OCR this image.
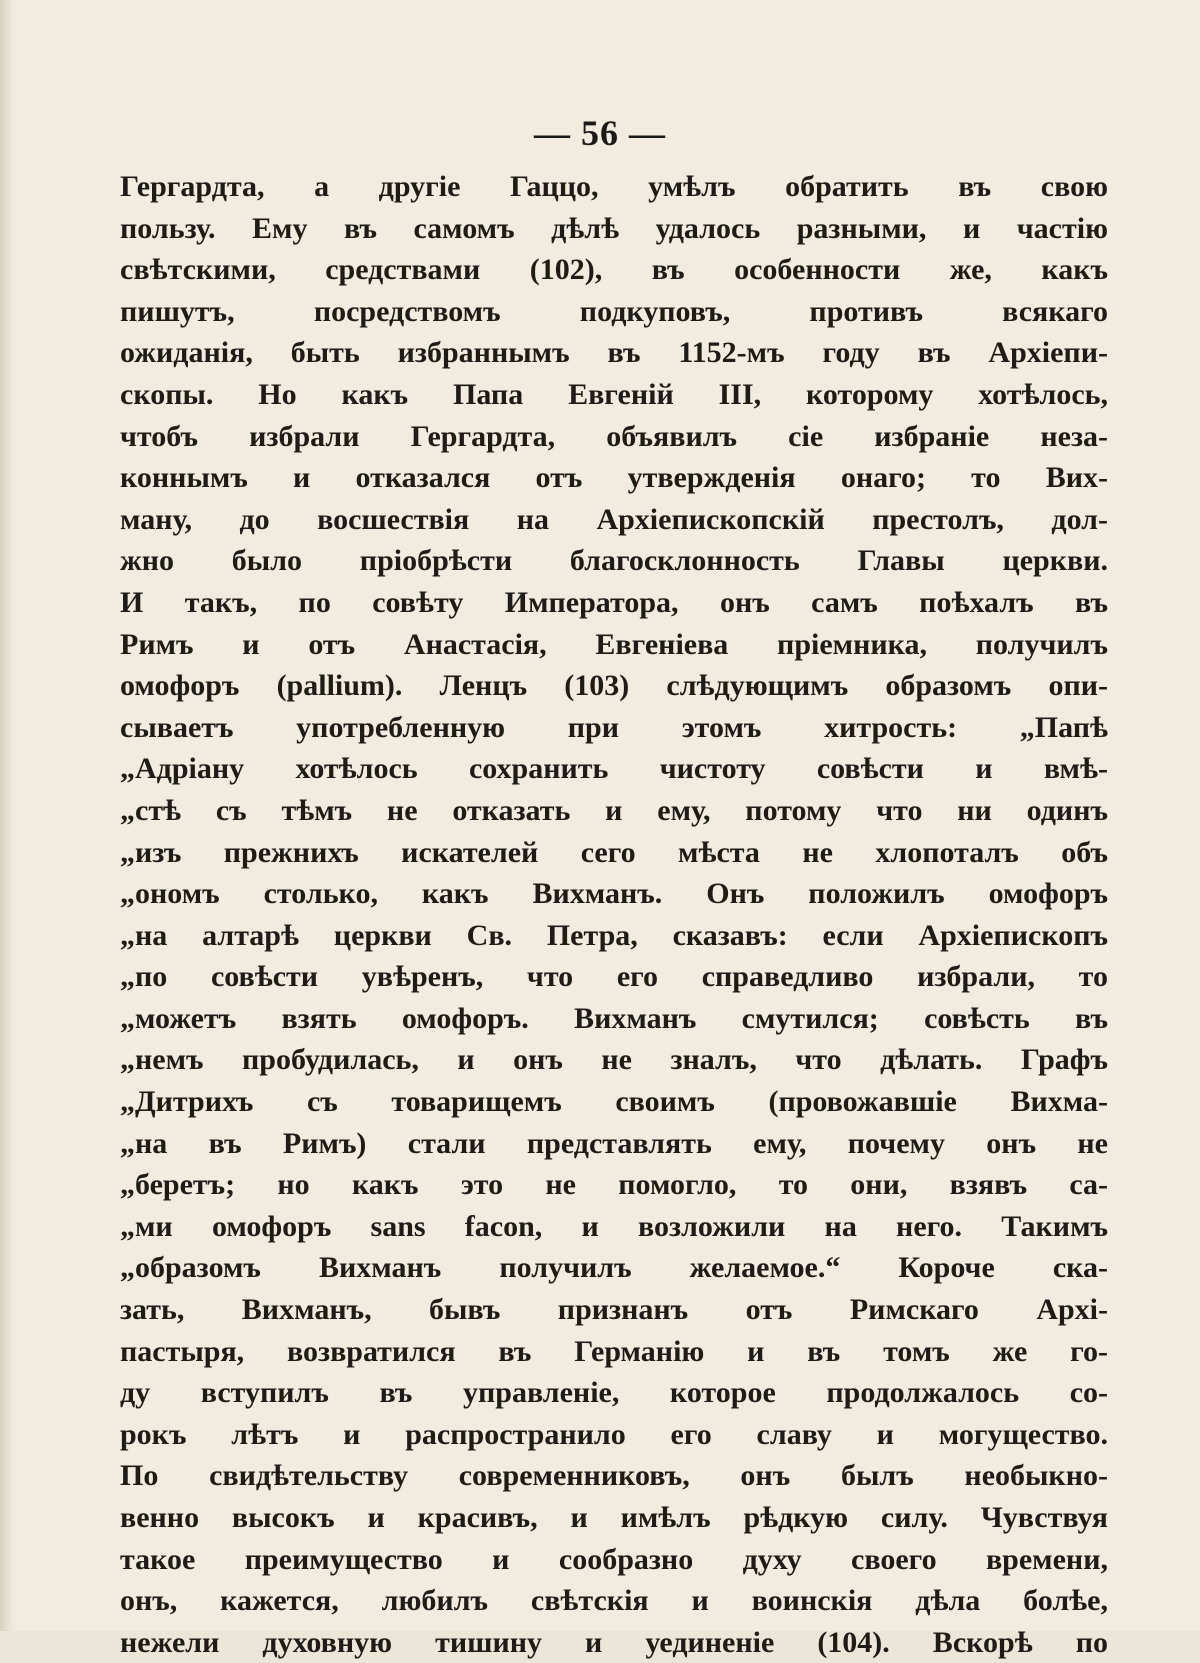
— 56 —
Гергардта, а другіе Гаццо, умѣлъ обратить въ свою
пользу. Ему въ самомъ дѣлѣ удалось разными, и частію
свѣтскими, средствами (102), въ особенности же, какъ
пишутъ, посредствомъ подкуповъ, противъ всякаго
ожиданія, быть избраннымъ въ 1152-мъ году въ Архіепи-
скопы. Но какъ Папа Евгеній III, которому хотѣлось,
чтобъ избрали Гергардта, объявилъ сіе избраніе неза-
коннымъ и отказался отъ утвержденія онаго; то Вих-
ману, до восшествія на Архіепископскій престолъ, дол-
жно было пріобрѣсти благосклонность Главы церкви.
И такъ, по совѣту Императора, онъ самъ поѣхалъ въ
Римъ и отъ Анастасія, Евгеніева пріемника, получилъ
омофоръ (pallium). Ленцъ (103) слѣдующимъ образомъ опи-
сываетъ употребленную при этомъ хитрость: „Папѣ
„Адріану хотѣлось сохранить чистоту совѣсти и вмѣ-
„стѣ съ тѣмъ не отказать и ему, потому что ни одинъ
„изъ прежнихъ искателей сего мѣста не хлопоталъ объ
„ономъ столько, какъ Вихманъ. Онъ положилъ омофоръ
„на алтарѣ церкви Св. Петра, сказавъ: если Архіепископъ
„по совѣсти увѣренъ, что его справедливо избрали, то
„можетъ взять омофоръ. Вихманъ смутился; совѣсть въ
„немъ пробудилась, и онъ не зналъ, что дѣлать. Графъ
„Дитрихъ съ товарищемъ своимъ (провожавшіе Вихма-
„на въ Римъ) стали представлять ему, почему онъ не
„беретъ; но какъ это не помогло, то они, взявъ са-
„ми омофоръ sans facon, и возложили на него. Такимъ
„образомъ Вихманъ получилъ желаемое.“ Короче ска-
зать, Вихманъ, бывъ признанъ отъ Римскаго Архі-
пастыря, возвратился въ Германію и въ томъ же го-
ду вступилъ въ управленіе, которое продолжалось со-
рокъ лѣтъ и распространило его славу и могущество.
По свидѣтельству современниковъ, онъ былъ необыкно-
венно высокъ и красивъ, и имѣлъ рѣдкую силу. Чувствуя
такое преимущество и сообразно духу своего времени,
онъ, кажется, любилъ свѣтскія и воинскія дѣла болѣе,
нежели духовную тишину и уединеніе (104). Вскорѣ по
